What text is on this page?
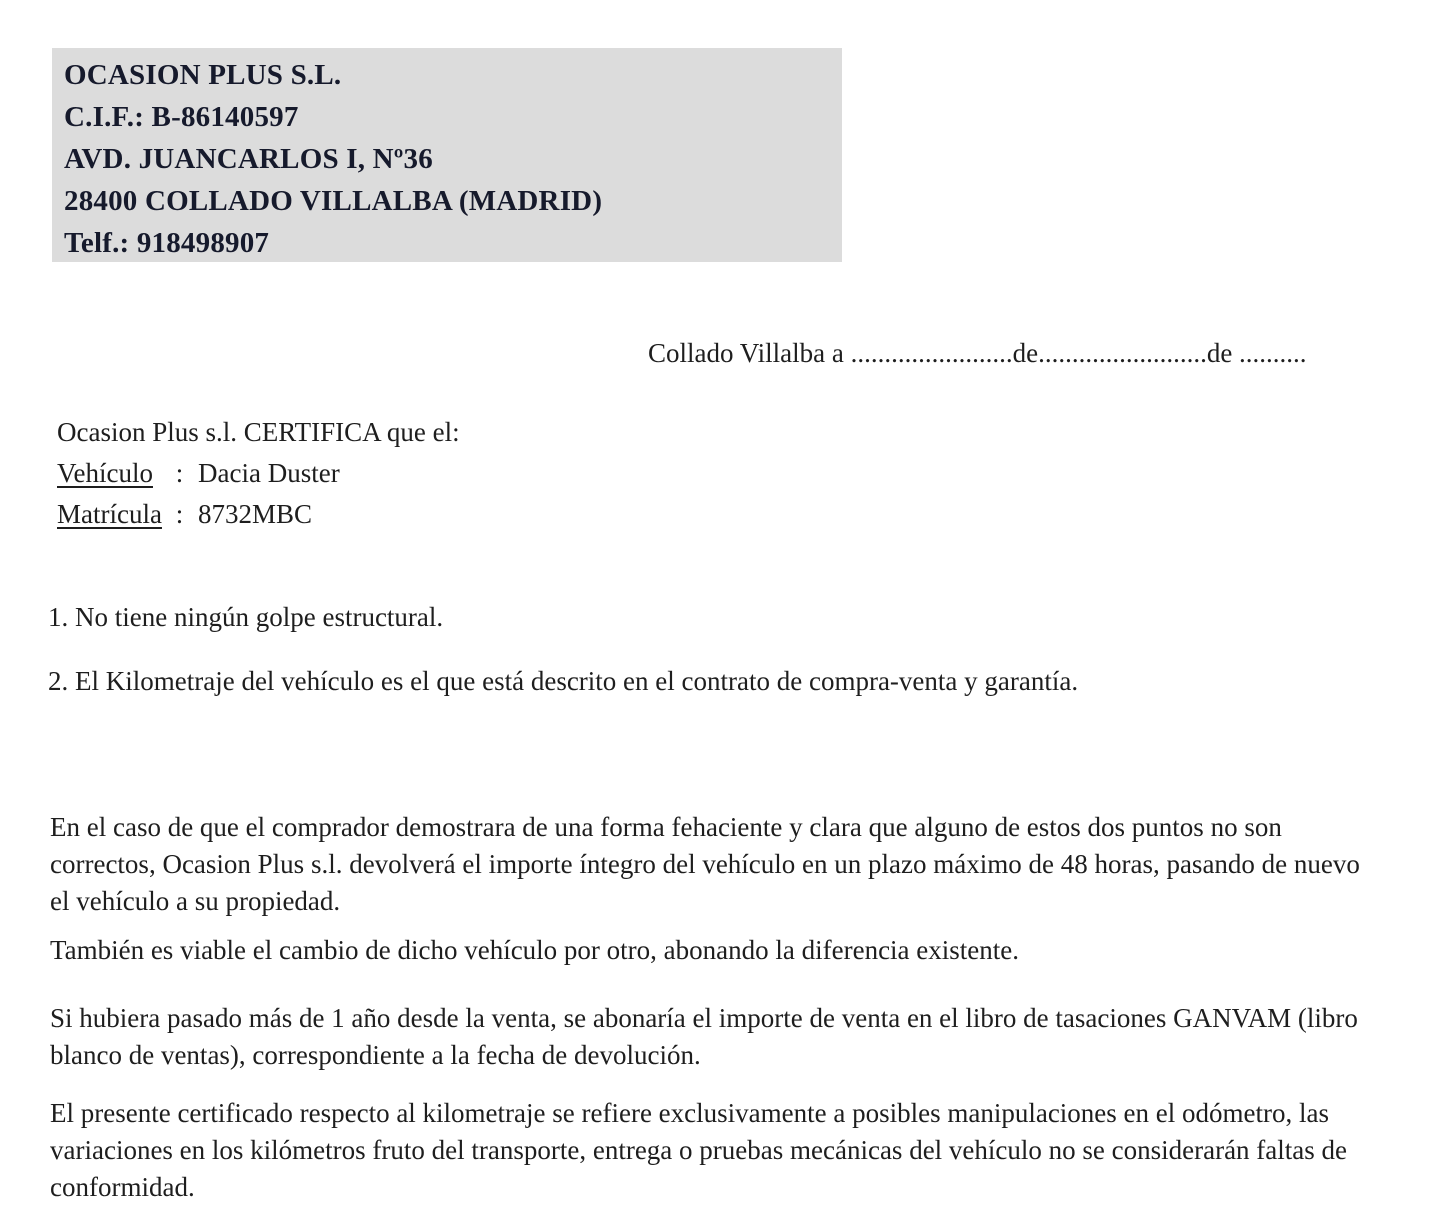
OCASION PLUS S.L.
C.I.F.: B-86140597
AVD. JUANCARLOS I, Nº36
28400 COLLADO VILLALBA (MADRID)
Telf.: 918498907
Collado Villalba a ........................de.........................de ..........
Ocasion Plus s.l. CERTIFICA que el:
Vehículo : Dacia Duster
Matrícula : 8732MBC
1. No tiene ningún golpe estructural.
2. El Kilometraje del vehículo es el que está descrito en el contrato de compra-venta y garantía.
En el caso de que el comprador demostrara de una forma fehaciente y clara que alguno de estos dos puntos no son correctos, Ocasion Plus s.l. devolverá el importe íntegro del vehículo en un plazo máximo de 48 horas, pasando de nuevo el vehículo a su propiedad.
También es viable el cambio de dicho vehículo por otro, abonando la diferencia existente.
Si hubiera pasado más de 1 año desde la venta, se abonaría el importe de venta en el libro de tasaciones GANVAM (libro blanco de ventas), correspondiente a la fecha de devolución.
El presente certificado respecto al kilometraje se refiere exclusivamente a posibles manipulaciones en el odómetro, las variaciones en los kilómetros fruto del transporte, entrega o pruebas mecánicas del vehículo no se considerarán faltas de conformidad.
